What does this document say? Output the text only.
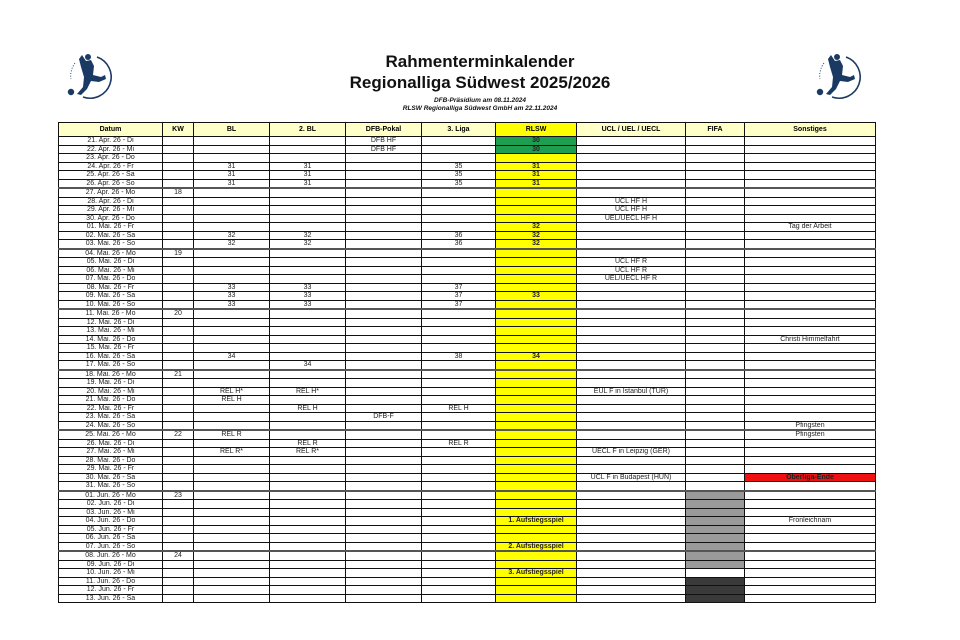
Rahmenterminkalender
Regionalliga Südwest 2025/2026
DFB-Präsidium am 08.11.2024
RLSW Regionalliga Südwest GmbH am 22.11.2024
Datum	KW	BL	2. BL	DFB-Pokal	3. Liga	RLSW	UCL / UEL / UECL	FIFA	Sonstiges
21. Apr. 26 - Di				DFB HF		30			
22. Apr. 26 - Mi				DFB HF		30			
23. Apr. 26 - Do									
24. Apr. 26 - Fr		31	31		35	31			
25. Apr. 26 - Sa		31	31		35	31			
26. Apr. 26 - So		31	31		35	31			
27. Apr. 26 - Mo	18								
28. Apr. 26 - Di							UCL HF H		
29. Apr. 26 - Mi							UCL HF H		
30. Apr. 26 - Do							UEL/UECL HF H		
01. Mai. 26 - Fr						32			Tag der Arbeit
02. Mai. 26 - Sa		32	32		36	32			
03. Mai. 26 - So		32	32		36	32			
04. Mai. 26 - Mo	19								
05. Mai. 26 - Di							UCL HF R		
06. Mai. 26 - Mi							UCL HF R		
07. Mai. 26 - Do							UEL/UECL HF R		
08. Mai. 26 - Fr		33	33		37				
09. Mai. 26 - Sa		33	33		37	33			
10. Mai. 26 - So		33	33		37				
11. Mai. 26 - Mo	20								
12. Mai. 26 - Di									
13. Mai. 26 - Mi									
14. Mai. 26 - Do									Christi Himmelfahrt
15. Mai. 26 - Fr									
16. Mai. 26 - Sa		34			38	34			
17. Mai. 26 - So			34						
18. Mai. 26 - Mo	21								
19. Mai. 26 - Di									
20. Mai. 26 - Mi		REL H*	REL H*				EUL F in Istanbul (TUR)		
21. Mai. 26 - Do		REL H							
22. Mai. 26 - Fr			REL H		REL H				
23. Mai. 26 - Sa				DFB-F					
24. Mai. 26 - So									Pfingsten
25. Mai. 26 - Mo	22	REL R							Pfingsten
26. Mai. 26 - Di			REL R		REL R				
27. Mai. 26 - Mi		REL R*	REL R*				UECL F in Leipzig (GER)		
28. Mai. 26 - Do									
29. Mai. 26 - Fr									
30. Mai. 26 - Sa							UCL F in Budapest (HUN)		Oberliga-Ende
31. Mai. 26 - So									
01. Jun. 26 - Mo	23								
02. Jun. 26 - Di									
03. Jun. 26 - Mi									
04. Jun. 26 - Do						1. Aufstiegsspiel			Fronleichnam
05. Jun. 26 - Fr									
06. Jun. 26 - Sa									
07. Jun. 26 - So						2. Aufstiegsspiel			
08. Jun. 26 - Mo	24								
09. Jun. 26 - Di									
10. Jun. 26 - Mi						3. Aufstiegsspiel			
11. Jun. 26 - Do									
12. Jun. 26 - Fr									
13. Jun. 26 - Sa									
